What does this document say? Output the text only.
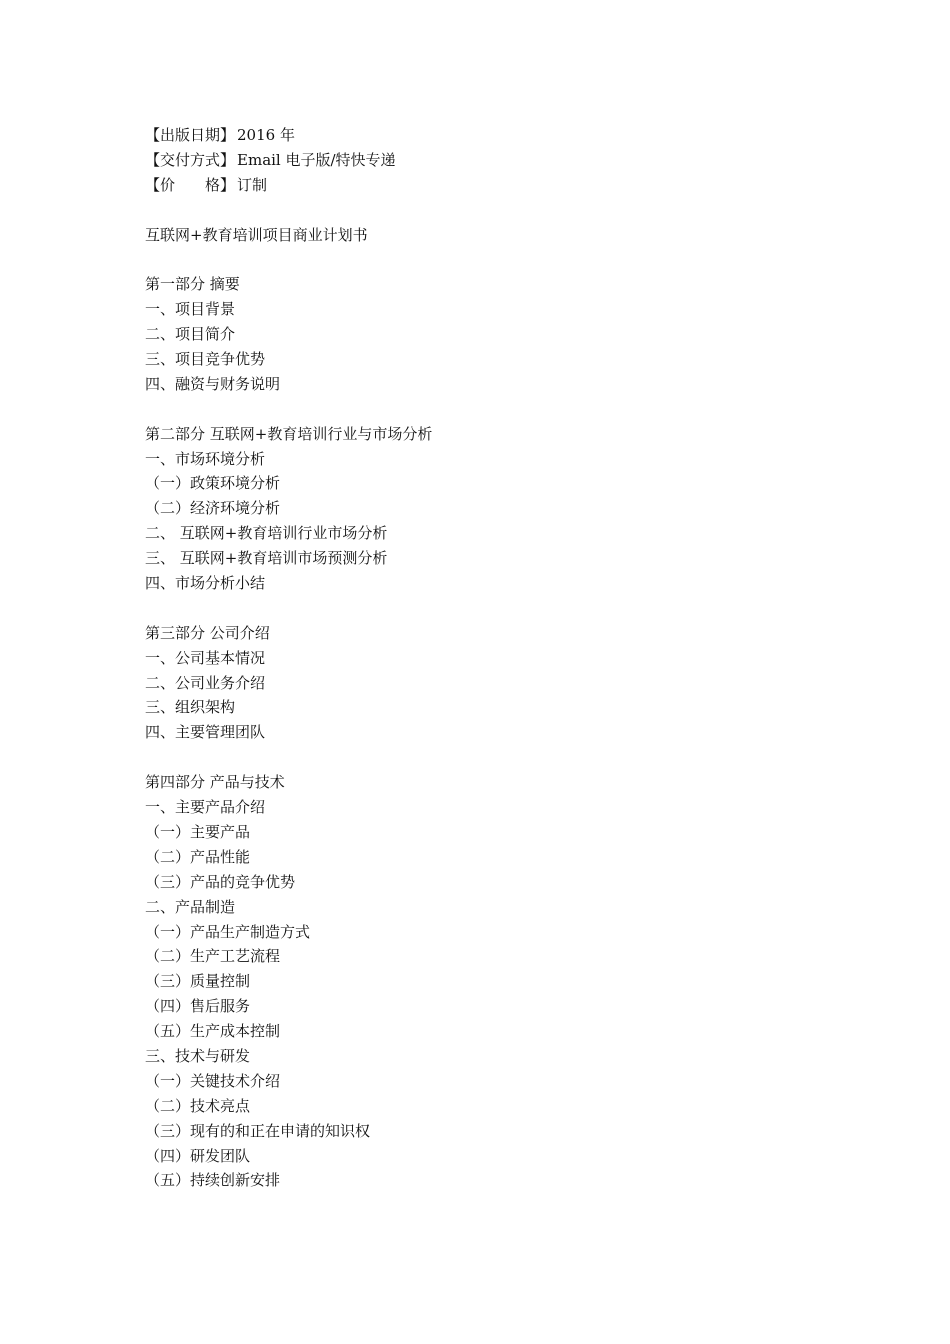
【出版日期】 2016 年
【交付方式】 Email 电子版/特快专递
【价　　格】 订制
互联网+教育培训项目商业计划书
第一部分 摘要
一、项目背景
二、项目简介
三、项目竞争优势
四、融资与财务说明
第二部分 互联网+教育培训行业与市场分析
一、市场环境分析
（一）政策环境分析
（二）经济环境分析
二、 互联网+教育培训行业市场分析
三、 互联网+教育培训市场预测分析
四、市场分析小结
第三部分 公司介绍
一、公司基本情况
二、公司业务介绍
三、组织架构
四、主要管理团队
第四部分 产品与技术
一、主要产品介绍
（一）主要产品
（二）产品性能
（三）产品的竞争优势
二、产品制造
（一）产品生产制造方式
（二）生产工艺流程
（三）质量控制
（四）售后服务
（五）生产成本控制
三、技术与研发
（一）关键技术介绍
（二）技术亮点
（三）现有的和正在申请的知识权
（四）研发团队
（五）持续创新安排
